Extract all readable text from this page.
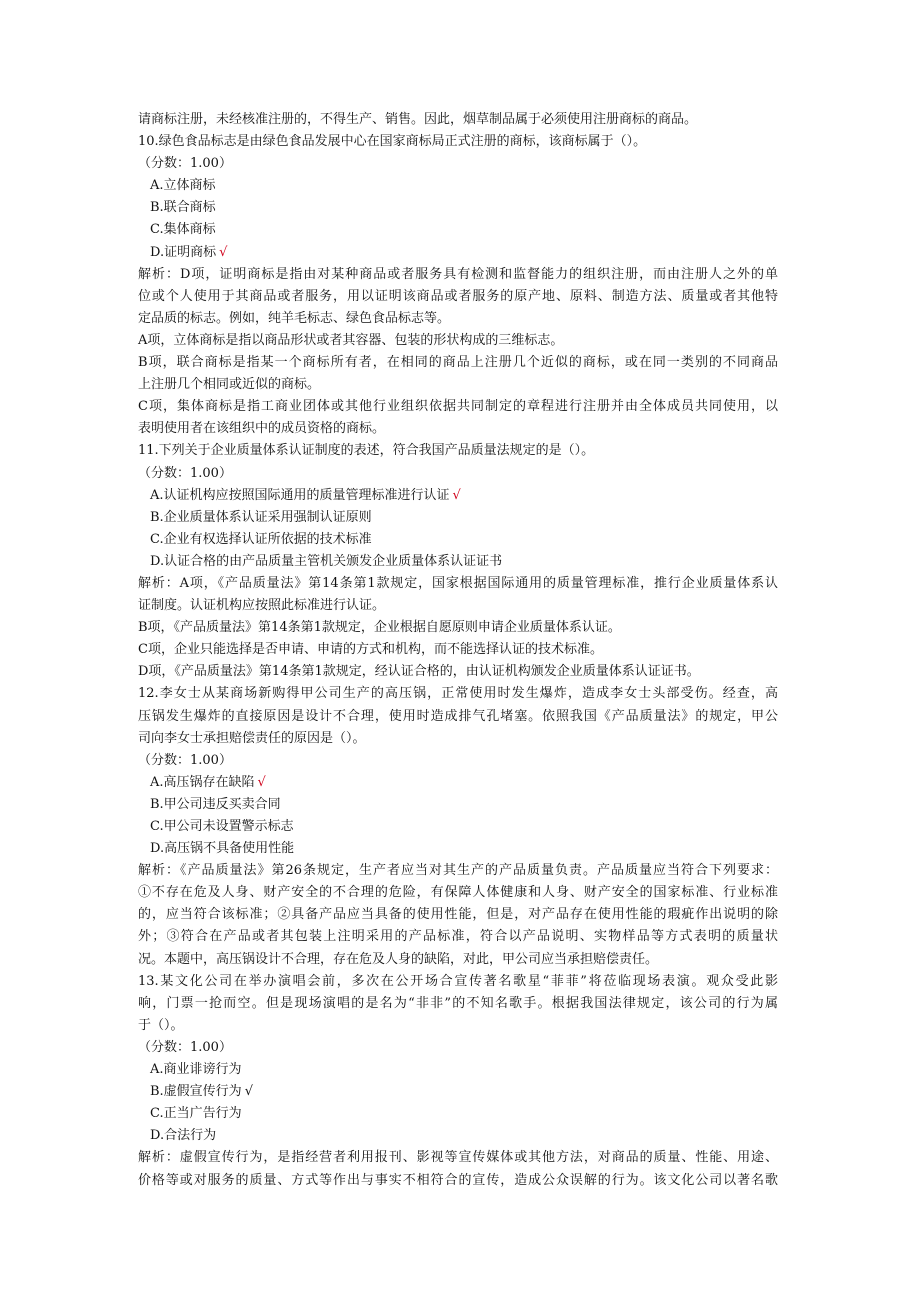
请商标注册，未经核准注册的，不得生产、销售。因此，烟草制品属于必须使用注册商标的商品。
10.绿色食品标志是由绿色食品发展中心在国家商标局正式注册的商标，该商标属于（）。
（分数：1.00）
A.立体商标
B.联合商标
C.集体商标
D.证明商标 √
解析：D项，证明商标是指由对某种商品或者服务具有检测和监督能力的组织注册，而由注册人之外的单
位或个人使用于其商品或者服务，用以证明该商品或者服务的原产地、原料、制造方法、质量或者其他特
定品质的标志。例如，纯羊毛标志、绿色食品标志等。
A项，立体商标是指以商品形状或者其容器、包装的形状构成的三维标志。
B项，联合商标是指某一个商标所有者，在相同的商品上注册几个近似的商标，或在同一类别的不同商品
上注册几个相同或近似的商标。
C项，集体商标是指工商业团体或其他行业组织依据共同制定的章程进行注册并由全体成员共同使用，以
表明使用者在该组织中的成员资格的商标。
11.下列关于企业质量体系认证制度的表述，符合我国产品质量法规定的是（）。
（分数：1.00）
A.认证机构应按照国际通用的质量管理标准进行认证 √
B.企业质量体系认证采用强制认证原则
C.企业有权选择认证所依据的技术标准
D.认证合格的由产品质量主管机关颁发企业质量体系认证证书
解析：A项，《产品质量法》第14条第1款规定，国家根据国际通用的质量管理标准，推行企业质量体系认
证制度。认证机构应按照此标准进行认证。
B项，《产品质量法》第14条第1款规定，企业根据自愿原则申请企业质量体系认证。
C项，企业只能选择是否申请、申请的方式和机构，而不能选择认证的技术标准。
D项，《产品质量法》第14条第1款规定，经认证合格的，由认证机构颁发企业质量体系认证证书。
12.李女士从某商场新购得甲公司生产的高压锅，正常使用时发生爆炸，造成李女士头部受伤。经查，高
压锅发生爆炸的直接原因是设计不合理，使用时造成排气孔堵塞。依照我国《产品质量法》的规定，甲公
司向李女士承担赔偿责任的原因是（）。
（分数：1.00）
A.高压锅存在缺陷 √
B.甲公司违反买卖合同
C.甲公司未设置警示标志
D.高压锅不具备使用性能
解析：《产品质量法》第26条规定，生产者应当对其生产的产品质量负责。产品质量应当符合下列要求：
①不存在危及人身、财产安全的不合理的危险，有保障人体健康和人身、财产安全的国家标准、行业标准
的，应当符合该标准；②具备产品应当具备的使用性能，但是，对产品存在使用性能的瑕疵作出说明的除
外；③符合在产品或者其包装上注明采用的产品标准，符合以产品说明、实物样品等方式表明的质量状
况。本题中，高压锅设计不合理，存在危及人身的缺陷，对此，甲公司应当承担赔偿责任。
13.某文化公司在举办演唱会前，多次在公开场合宣传著名歌星“菲菲”将莅临现场表演。观众受此影
响，门票一抢而空。但是现场演唱的是名为“非非”的不知名歌手。根据我国法律规定，该公司的行为属
于（）。
（分数：1.00）
A.商业诽谤行为
B.虚假宣传行为 √
C.正当广告行为
D.合法行为
解析：虚假宣传行为，是指经营者利用报刊、影视等宣传媒体或其他方法，对商品的质量、性能、用途、
价格等或对服务的质量、方式等作出与事实不相符合的宣传，造成公众误解的行为。该文化公司以著名歌
